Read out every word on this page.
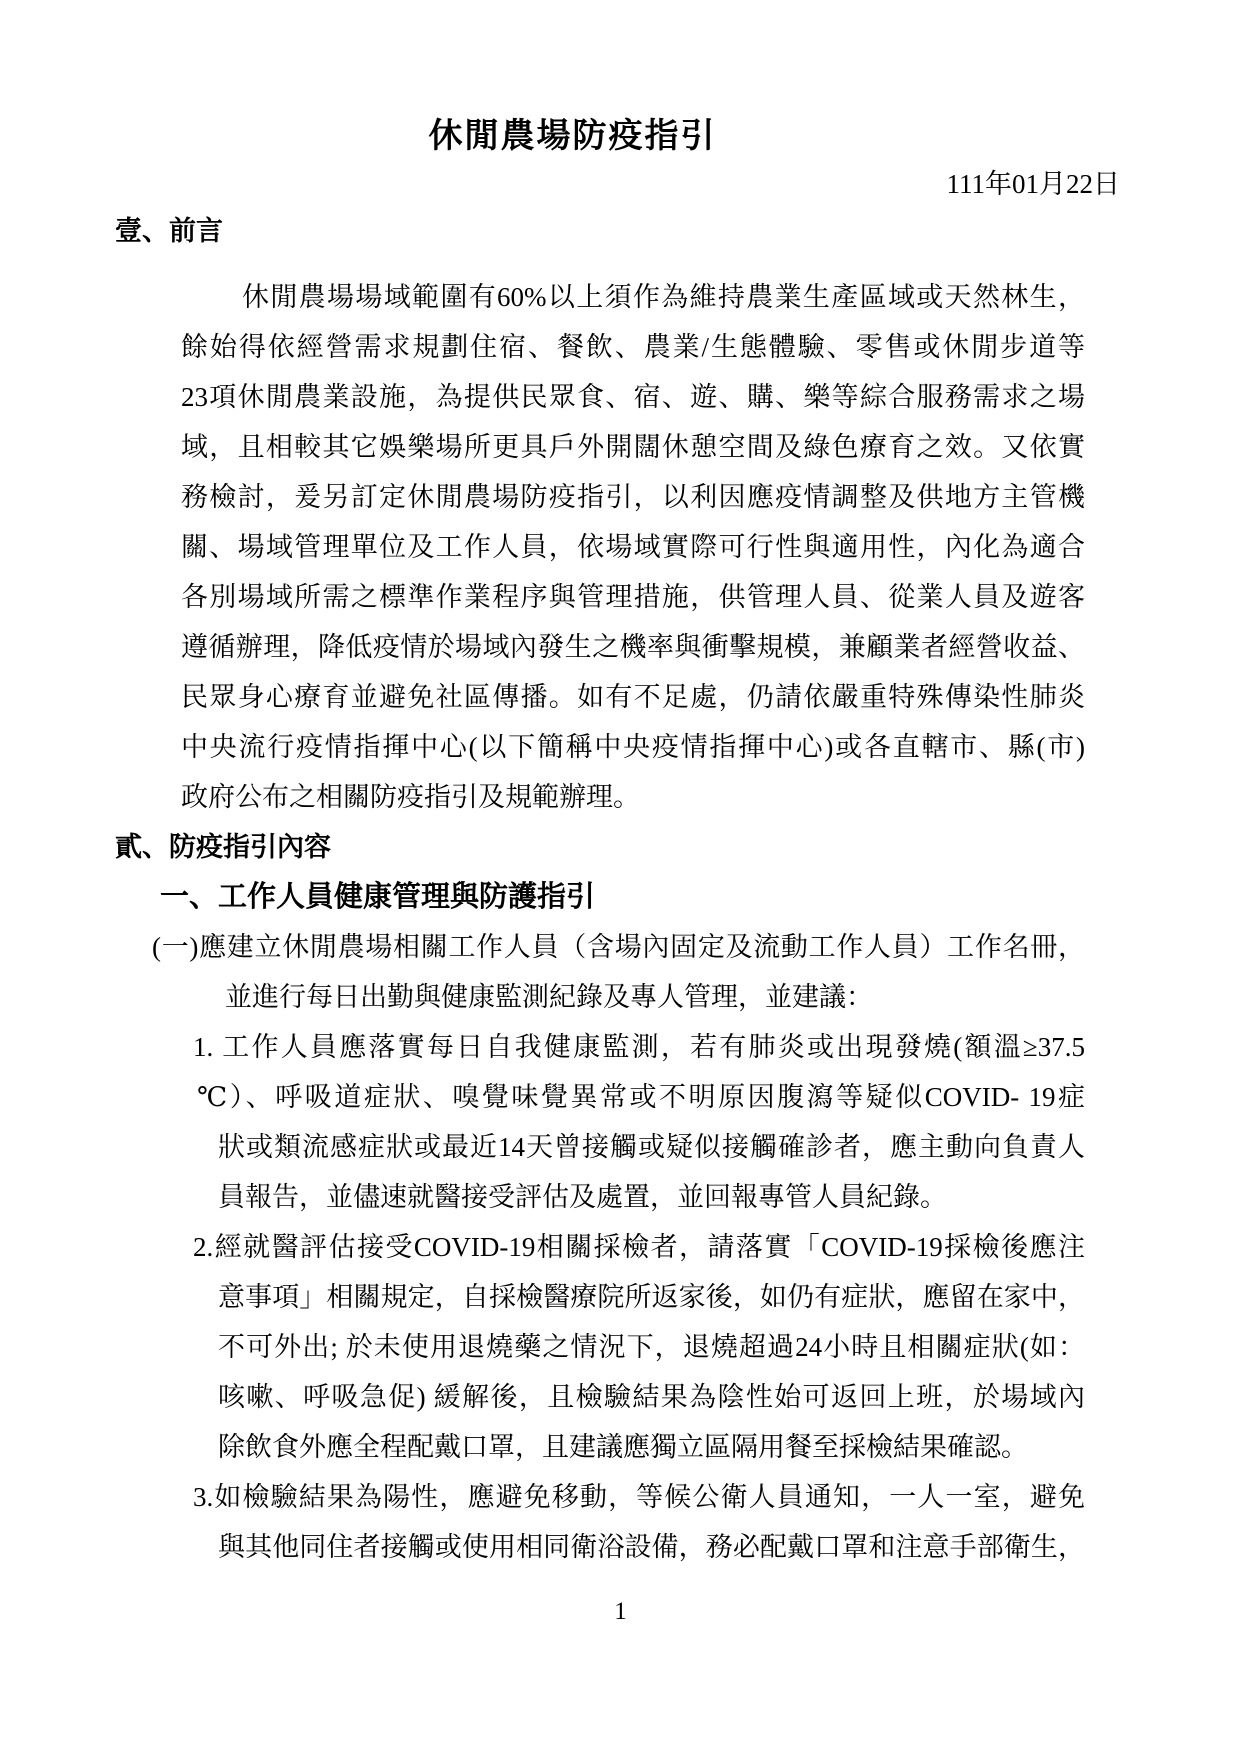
休閒農場防疫指引
111年01月22日
壹、前言
休閒農場場域範圍有60%以上須作為維持農業生產區域或天然林生，
餘始得依經營需求規劃住宿、餐飲、農業/生態體驗、零售或休閒步道等
23項休閒農業設施，為提供民眾食、宿、遊、購、樂等綜合服務需求之場
域，且相較其它娛樂場所更具戶外開闊休憩空間及綠色療育之效。又依實
務檢討，爰另訂定休閒農場防疫指引，以利因應疫情調整及供地方主管機
關、場域管理單位及工作人員，依場域實際可行性與適用性，內化為適合
各別場域所需之標準作業程序與管理措施，供管理人員、從業人員及遊客
遵循辦理，降低疫情於場域內發生之機率與衝擊規模，兼顧業者經營收益、
民眾身心療育並避免社區傳播。如有不足處，仍請依嚴重特殊傳染性肺炎
中央流行疫情指揮中心(以下簡稱中央疫情指揮中心)或各直轄市、縣(市)
政府公布之相關防疫指引及規範辦理。
貳、防疫指引內容
一、工作人員健康管理與防護指引
(一)應建立休閒農場相關工作人員（含場內固定及流動工作人員）工作名冊，
並進行每日出勤與健康監測紀錄及專人管理，並建議：
1. 工作人員應落實每日自我健康監測，若有肺炎或出現發燒(額溫≥37.5
℃）、呼吸道症狀、嗅覺味覺異常或不明原因腹瀉等疑似COVID- 19症
狀或類流感症狀或最近14天曾接觸或疑似接觸確診者，應主動向負責人
員報告，並儘速就醫接受評估及處置，並回報專管人員紀錄。
2.經就醫評估接受COVID-19相關採檢者，請落實「COVID-19採檢後應注
意事項」相關規定，自採檢醫療院所返家後，如仍有症狀，應留在家中，
不可外出; 於未使用退燒藥之情況下，退燒超過24小時且相關症狀(如：
咳嗽、呼吸急促) 緩解後，且檢驗結果為陰性始可返回上班，於場域內
除飲食外應全程配戴口罩，且建議應獨立區隔用餐至採檢結果確認。
3.如檢驗結果為陽性，應避免移動，等候公衛人員通知，一人一室，避免
與其他同住者接觸或使用相同衛浴設備，務必配戴口罩和注意手部衛生，
1
